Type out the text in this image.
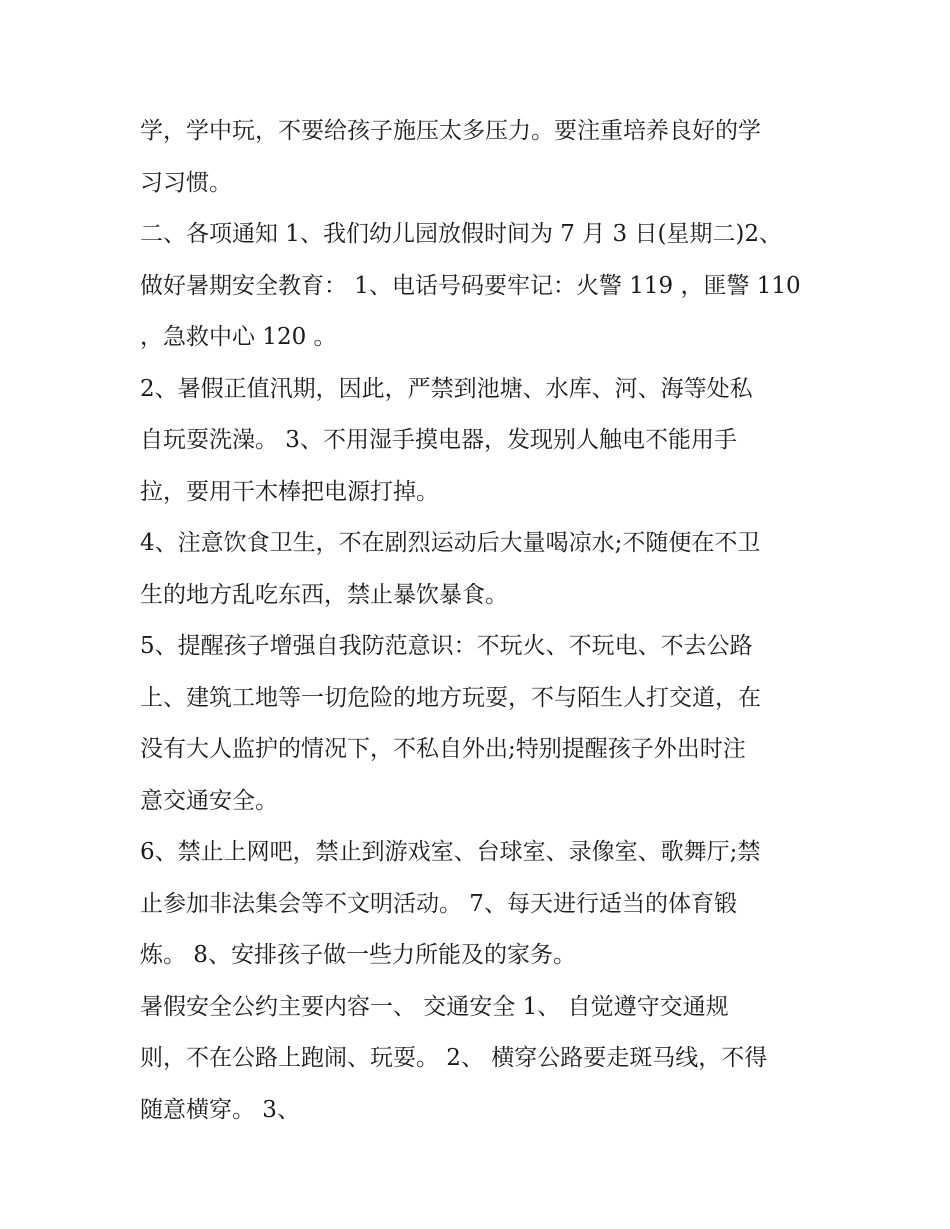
学，学中玩，不要给孩子施压太多压力。要注重培养良好的学
习习惯。
二、各项通知 1、我们幼儿园放假时间为 7 月 3 日(星期二)2、
做好暑期安全教育： 1、电话号码要牢记：火警 119 ，匪警 110
，急救中心 120 。
2、暑假正值汛期，因此，严禁到池塘、水库、河、海等处私
自玩耍洗澡。 3、不用湿手摸电器，发现别人触电不能用手
拉，要用干木棒把电源打掉。
4、注意饮食卫生，不在剧烈运动后大量喝凉水;不随便在不卫
生的地方乱吃东西，禁止暴饮暴食。
5、提醒孩子增强自我防范意识：不玩火、不玩电、不去公路
上、建筑工地等一切危险的地方玩耍，不与陌生人打交道，在
没有大人监护的情况下，不私自外出;特别提醒孩子外出时注
意交通安全。
6、禁止上网吧，禁止到游戏室、台球室、录像室、歌舞厅;禁
止参加非法集会等不文明活动。 7、每天进行适当的体育锻
炼。 8、安排孩子做一些力所能及的家务。
暑假安全公约主要内容一、 交通安全 1、 自觉遵守交通规
则，不在公路上跑闹、玩耍。 2、 横穿公路要走斑马线，不得
随意横穿。 3、
